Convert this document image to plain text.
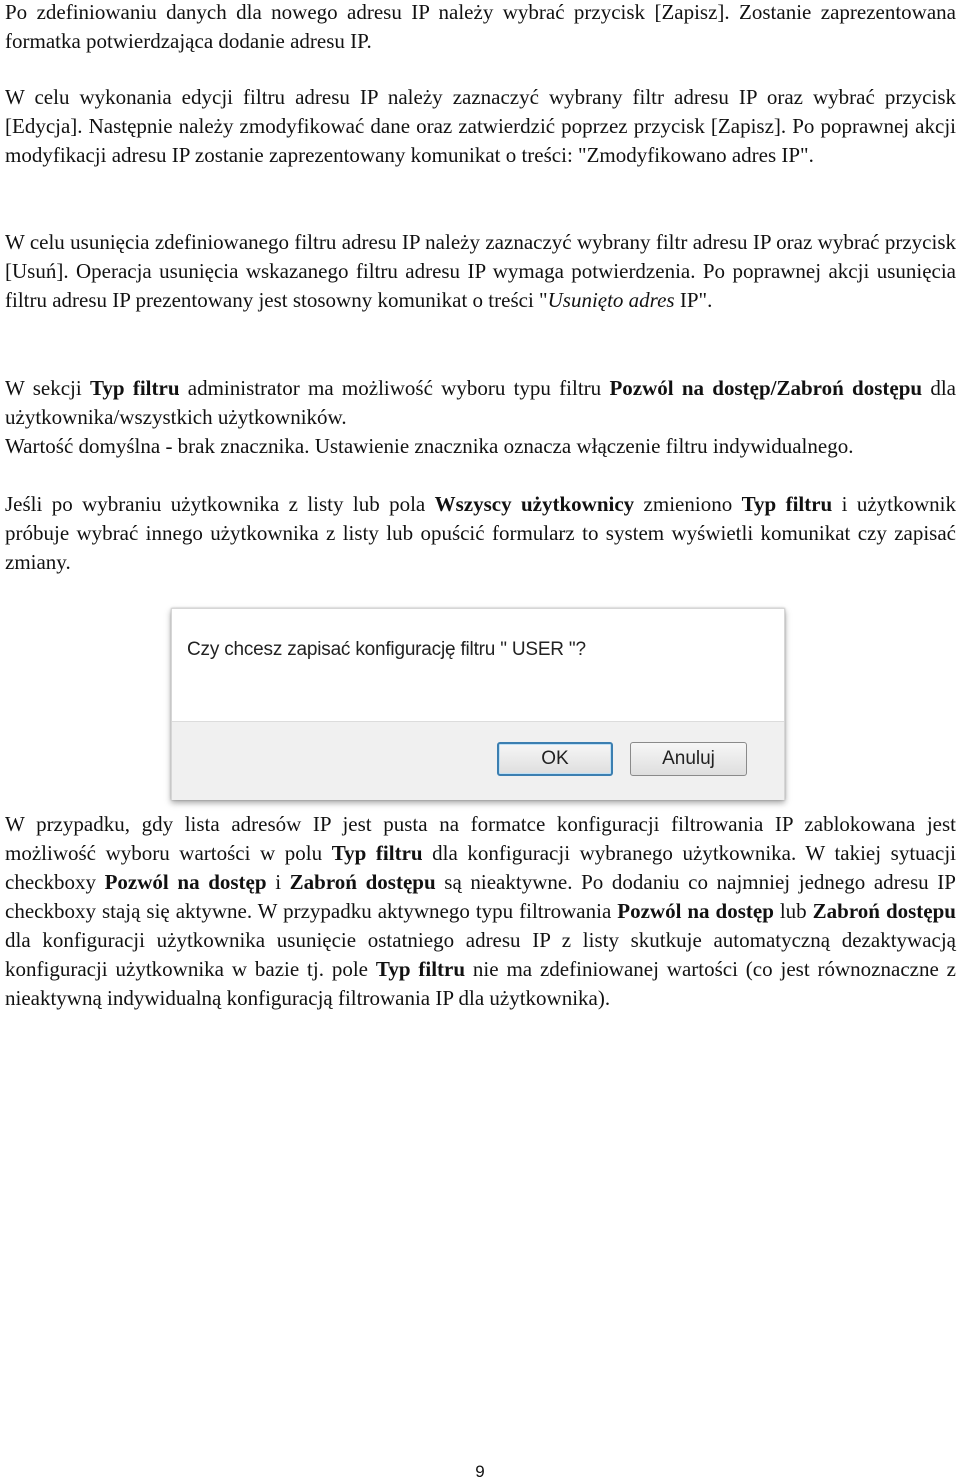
Po zdefiniowaniu danych dla nowego adresu IP należy wybrać przycisk [Zapisz]. Zostanie zaprezentowana formatka potwierdzająca dodanie adresu IP.

W celu wykonania edycji filtru adresu IP należy zaznaczyć wybrany filtr adresu IP oraz wybrać przycisk [Edycja]. Następnie należy zmodyfikować dane oraz zatwierdzić poprzez przycisk [Zapisz]. Po poprawnej akcji modyfikacji adresu IP zostanie zaprezentowany komunikat o treści: "Zmodyfikowano adres IP".

W celu usunięcia zdefiniowanego filtru adresu IP należy zaznaczyć wybrany filtr adresu IP oraz wybrać przycisk [Usuń]. Operacja usunięcia wskazanego filtru adresu IP wymaga potwierdzenia. Po poprawnej akcji usunięcia filtru adresu IP prezentowany jest stosowny komunikat o treści "Usunięto adres IP".

W sekcji Typ filtru administrator ma możliwość wyboru typu filtru Pozwól na dostęp/Zabroń dostępu dla użytkownika/wszystkich użytkowników.

Wartość domyślna - brak znacznika. Ustawienie znacznika oznacza włączenie filtru indywidualnego.

Jeśli po wybraniu użytkownika z listy lub pola Wszyscy użytkownicy zmieniono Typ filtru i użytkownik próbuje wybrać innego użytkownika z listy lub opuścić formularz to system wyświetli komunikat czy zapisać zmiany.

W przypadku, gdy lista adresów IP jest pusta na formatce konfiguracji filtrowania IP zablokowana jest możliwość wyboru wartości w polu Typ filtru dla konfiguracji wybranego użytkownika. W takiej sytuacji checkboxy Pozwól na dostęp i Zabroń dostępu są nieaktywne. Po dodaniu co najmniej jednego adresu IP checkboxy stają się aktywne. W przypadku aktywnego typu filtrowania Pozwól na dostęp lub Zabroń dostępu dla konfiguracji użytkownika usunięcie ostatniego adresu IP z listy skutkuje automatyczną dezaktywacją konfiguracji użytkownika w bazie tj. pole Typ filtru nie ma zdefiniowanej wartości (co jest równoznaczne z nieaktywną indywidualną konfiguracją filtrowania IP dla użytkownika).

Czy chcesz zapisać konfigurację filtru " USER "?
OK	Anuluj
9
